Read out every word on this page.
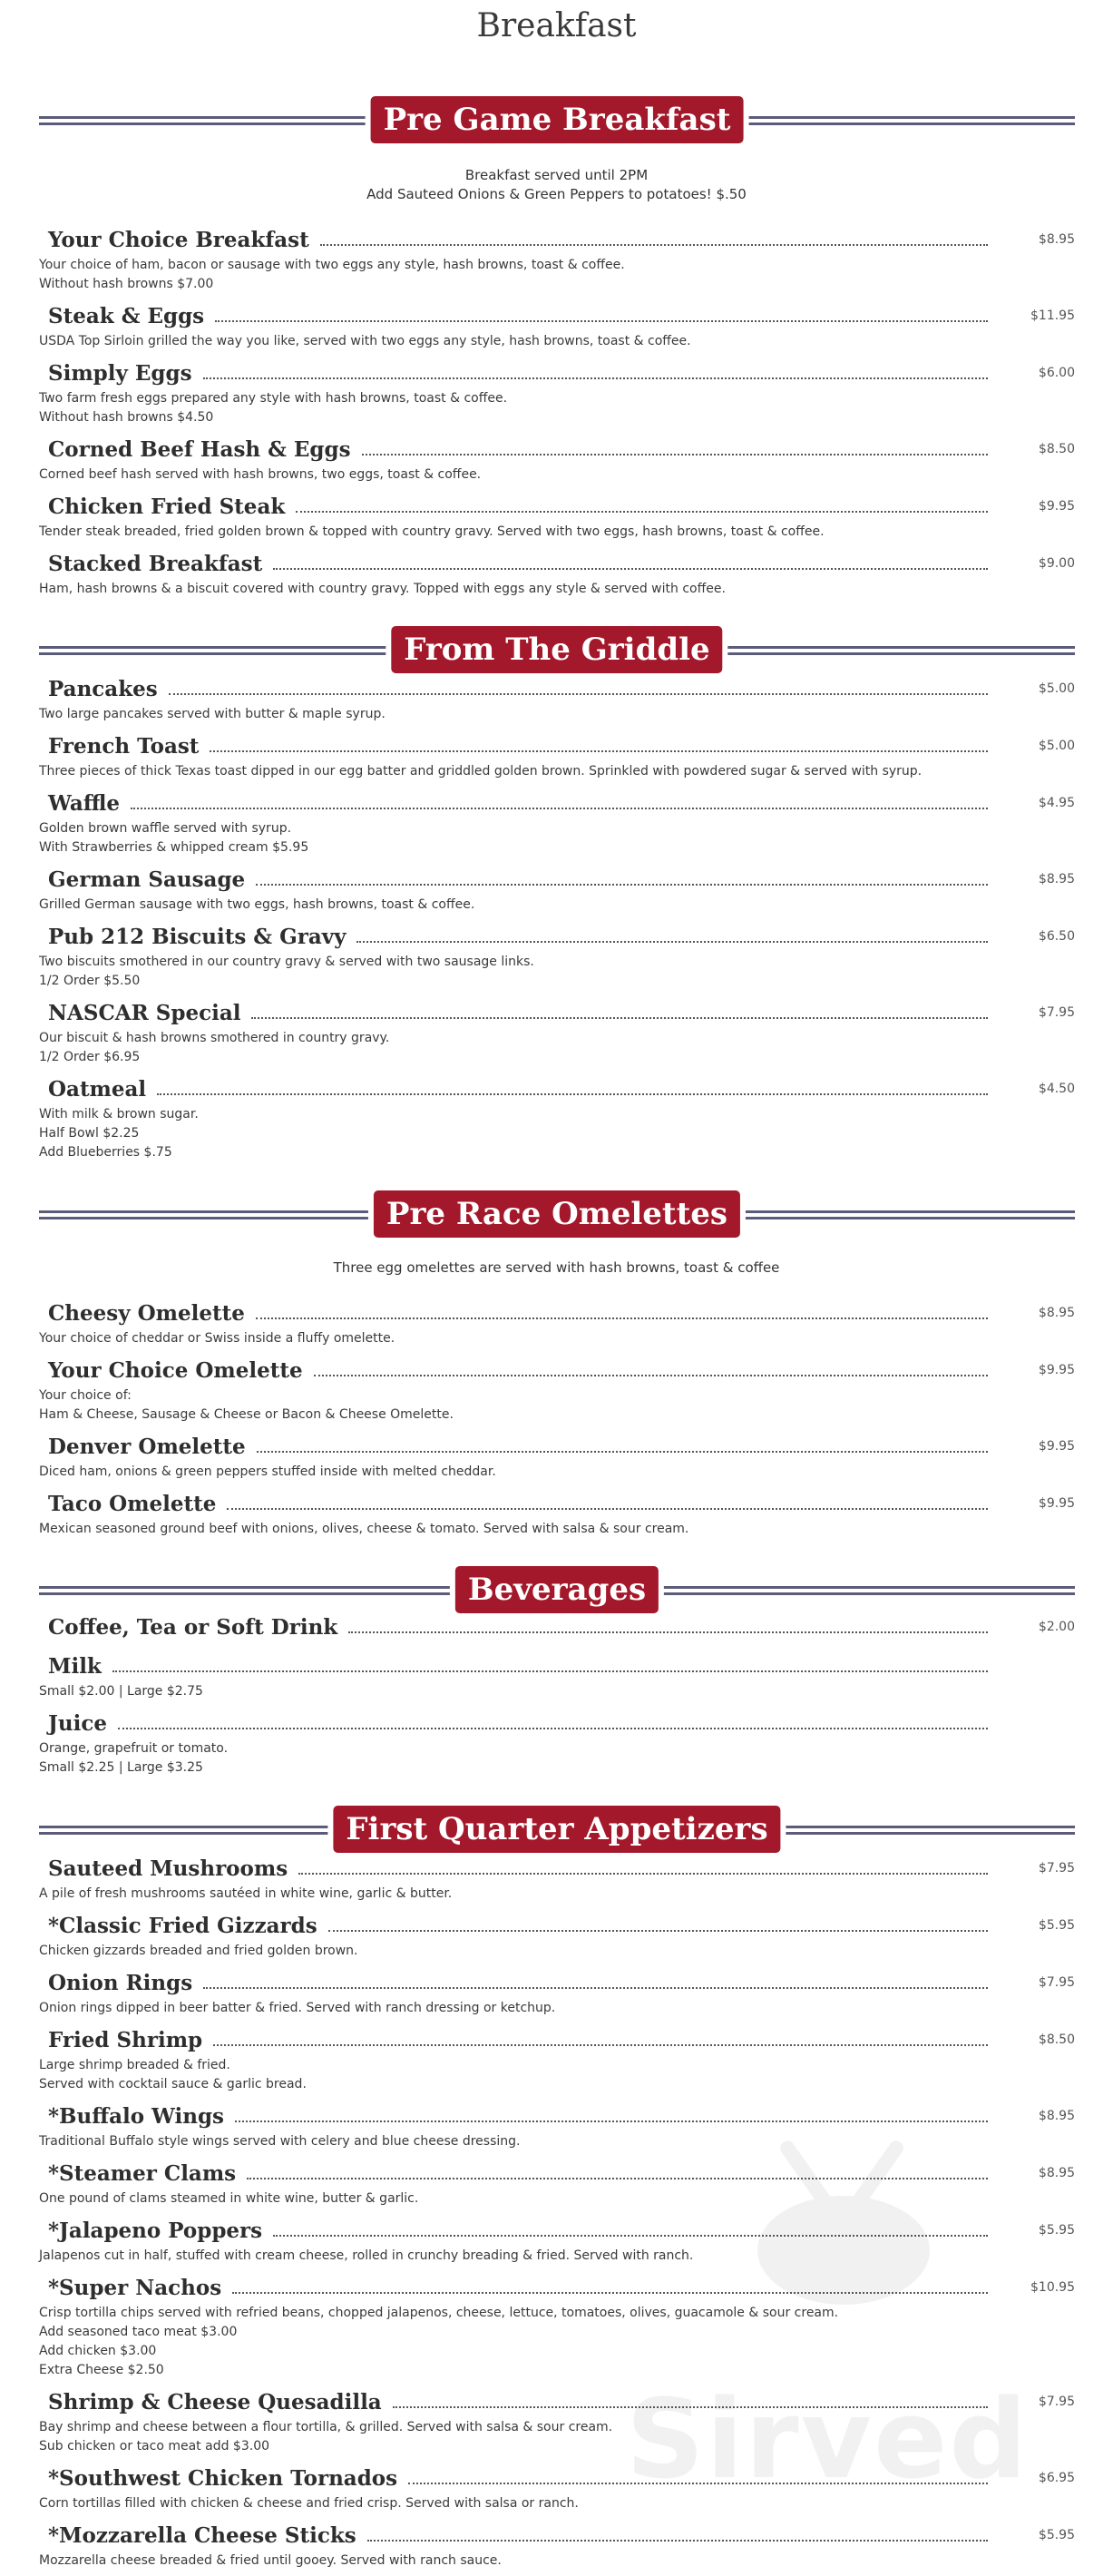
Breakfast
Sirved
Pre Game Breakfast
Breakfast served until 2PM
Add Sauteed Onions & Green Peppers to potatoes! $.50
Your Choice Breakfast	$8.95
Your choice of ham, bacon or sausage with two eggs any style, hash browns, toast & coffee.
Without hash browns $7.00
Steak & Eggs	$11.95
USDA Top Sirloin grilled the way you like, served with two eggs any style, hash browns, toast & coffee.
Simply Eggs	$6.00
Two farm fresh eggs prepared any style with hash browns, toast & coffee.
Without hash browns $4.50
Corned Beef Hash & Eggs	$8.50
Corned beef hash served with hash browns, two eggs, toast & coffee.
Chicken Fried Steak	$9.95
Tender steak breaded, fried golden brown & topped with country gravy. Served with two eggs, hash browns, toast & coffee.
Stacked Breakfast	$9.00
Ham, hash browns & a biscuit covered with country gravy. Topped with eggs any style & served with coffee.
From The Griddle
Pancakes	$5.00
Two large pancakes served with butter & maple syrup.
French Toast	$5.00
Three pieces of thick Texas toast dipped in our egg batter and griddled golden brown. Sprinkled with powdered sugar & served with syrup.
Waffle	$4.95
Golden brown waffle served with syrup.
With Strawberries & whipped cream $5.95
German Sausage	$8.95
Grilled German sausage with two eggs, hash browns, toast & coffee.
Pub 212 Biscuits & Gravy	$6.50
Two biscuits smothered in our country gravy & served with two sausage links.
1/2 Order $5.50
NASCAR Special	$7.95
Our biscuit & hash browns smothered in country gravy.
1/2 Order $6.95
Oatmeal	$4.50
With milk & brown sugar.
Half Bowl $2.25
Add Blueberries $.75
Pre Race Omelettes
Three egg omelettes are served with hash browns, toast & coffee
Cheesy Omelette	$8.95
Your choice of cheddar or Swiss inside a fluffy omelette.
Your Choice Omelette	$9.95
Your choice of:
Ham & Cheese, Sausage & Cheese or Bacon & Cheese Omelette.
Denver Omelette	$9.95
Diced ham, onions & green peppers stuffed inside with melted cheddar.
Taco Omelette	$9.95
Mexican seasoned ground beef with onions, olives, cheese & tomato. Served with salsa & sour cream.
Beverages
Coffee, Tea or Soft Drink	$2.00
Milk
Small $2.00 | Large $2.75
Juice
Orange, grapefruit or tomato.
Small $2.25 | Large $3.25
First Quarter Appetizers
Sauteed Mushrooms	$7.95
A pile of fresh mushrooms sautéed in white wine, garlic & butter.
*Classic Fried Gizzards	$5.95
Chicken gizzards breaded and fried golden brown.
Onion Rings	$7.95
Onion rings dipped in beer batter & fried. Served with ranch dressing or ketchup.
Fried Shrimp	$8.50
Large shrimp breaded & fried.
Served with cocktail sauce & garlic bread.
*Buffalo Wings	$8.95
Traditional Buffalo style wings served with celery and blue cheese dressing.
*Steamer Clams	$8.95
One pound of clams steamed in white wine, butter & garlic.
*Jalapeno Poppers	$5.95
Jalapenos cut in half, stuffed with cream cheese, rolled in crunchy breading & fried. Served with ranch.
*Super Nachos	$10.95
Crisp tortilla chips served with refried beans, chopped jalapenos, cheese, lettuce, tomatoes, olives, guacamole & sour cream.
Add seasoned taco meat $3.00
Add chicken $3.00
Extra Cheese $2.50
Shrimp & Cheese Quesadilla	$7.95
Bay shrimp and cheese between a flour tortilla, & grilled. Served with salsa & sour cream.
Sub chicken or taco meat add $3.00
*Southwest Chicken Tornados	$6.95
Corn tortillas filled with chicken & cheese and fried crisp. Served with salsa or ranch.
*Mozzarella Cheese Sticks	$5.95
Mozzarella cheese breaded & fried until gooey. Served with ranch sauce.
